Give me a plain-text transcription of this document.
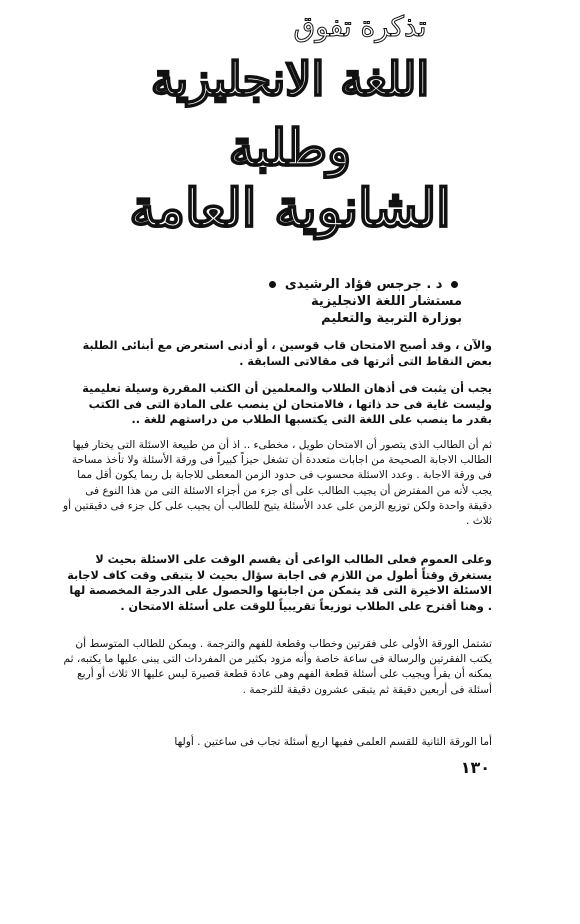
تذكرة تفوق
اللغة الانجليزية
وطلبة
الشانوية العامة
د . جرجس فؤاد الرشيدى
مستشار اللغة الانجليزية
بوزارة التربية والتعليم
والآن ، وقد أصبح الامتحان قاب قوسين ، أو أدنى استعرض مع أبنائى الطلبة بعض النقاط التى أثرتها فى مقالاتى السابقة .
يجب أن يثبت فى أذهان الطلاب والمعلمين أن الكتب المقررة وسيلة تعليمية وليست غاية فى حد ذاتها ، فالامتحان لن ينصب على المادة التى فى الكتب بقدر ما ينصب على اللغة التى يكتسبها الطلاب من دراستهم للغة ..
ثم أن الطالب الذى يتصور أن الامتحان طويل ، مخطىء .. اذ أن من طبيعة الاسئلة التى يختار فيها الطالب الاجابة الصحيحة من اجابات متعددة أن تشغل حيزاً كبيراً فى ورقة الأسئلة ولا تأخذ مساحة فى ورقة الاجابة . وعدد الاسئلة محسوب فى حدود الزمن المعطى للاجابة بل ربما يكون أقل مما يجب لأنه من المفترض أن يجيب الطالب على أى جزء من أجزاء الاسئلة التى من هذا النوع فى دقيقة واحدة ولكن توزيع الزمن على عدد الأسئلة يتيح للطالب أن يجيب على كل جزء فى دقيقتين أو ثلاث .
وعلى العموم فعلى الطالب الواعى أن يقسم الوقت على الاسئلة بحيث لا يستغرق وقتاً أطول من اللازم فى اجابة سؤال بحيث لا يتبقى وقت كاف لاجابة الاسئلة الاخيرة التى قد يتمكن من اجابتها والحصول على الدرجة المخصصة لها . وهنا أقترح على الطلاب توزيعاً تقريبياً للوقت على أسئلة الامتحان .
تشتمل الورقة الأولى على فقرتين وخطاب وقطعة للفهم والترجمة . ويمكن للطالب المتوسط أن يكتب الفقرتين والرسالة فى ساعة خاصة وأنه مزود بكثير من المفردات التى يبنى عليها ما يكتبه، ثم يمكنه أن يقرأ ويجيب على أسئلة قطعة الفهم وهى عادة قطعة قصيرة ليس عليها الا ثلاث أو أربع أسئلة فى أربعين دقيقة ثم يتبقى عشرون دقيقة للترجمة .
أما الورقة الثانية للقسم العلمى ففيها اربع أسئلة تجاب فى ساعتين . أولها
١٣٠
